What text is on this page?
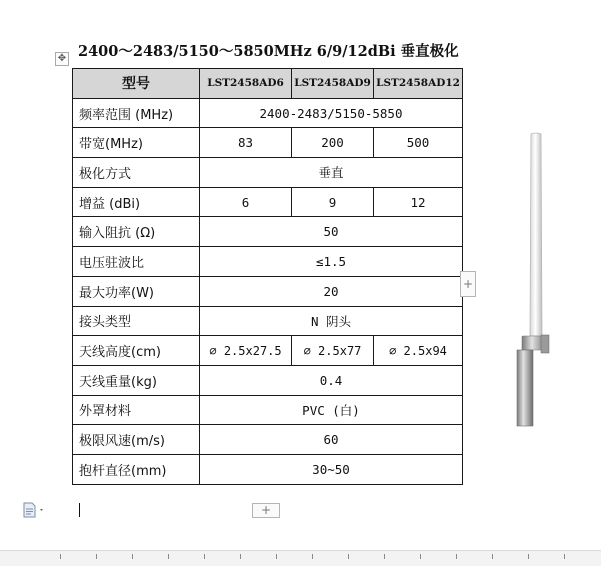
2400～2483/5150～5850MHz 6/9/12dBi 垂直极化
✥
型号	LST2458AD6	LST2458AD9	LST2458AD12
频率范围 (MHz)	2400-2483/5150-5850		
带宽(MHz)	83	200	500
极化方式	垂直		
增益 (dBi)	6	9	12
输入阻抗 (Ω)	50		
电压驻波比	≤1.5		
最大功率(W)	20		
接头类型	N 阴头		
天线高度(cm)	⌀ 2.5x27.5	⌀ 2.5x77	⌀ 2.5x94
天线重量(kg)	0.4		
外罩材料	PVC (白)		
极限风速(m/s)	60		
抱杆直径(mm)	30~50		
+
+
